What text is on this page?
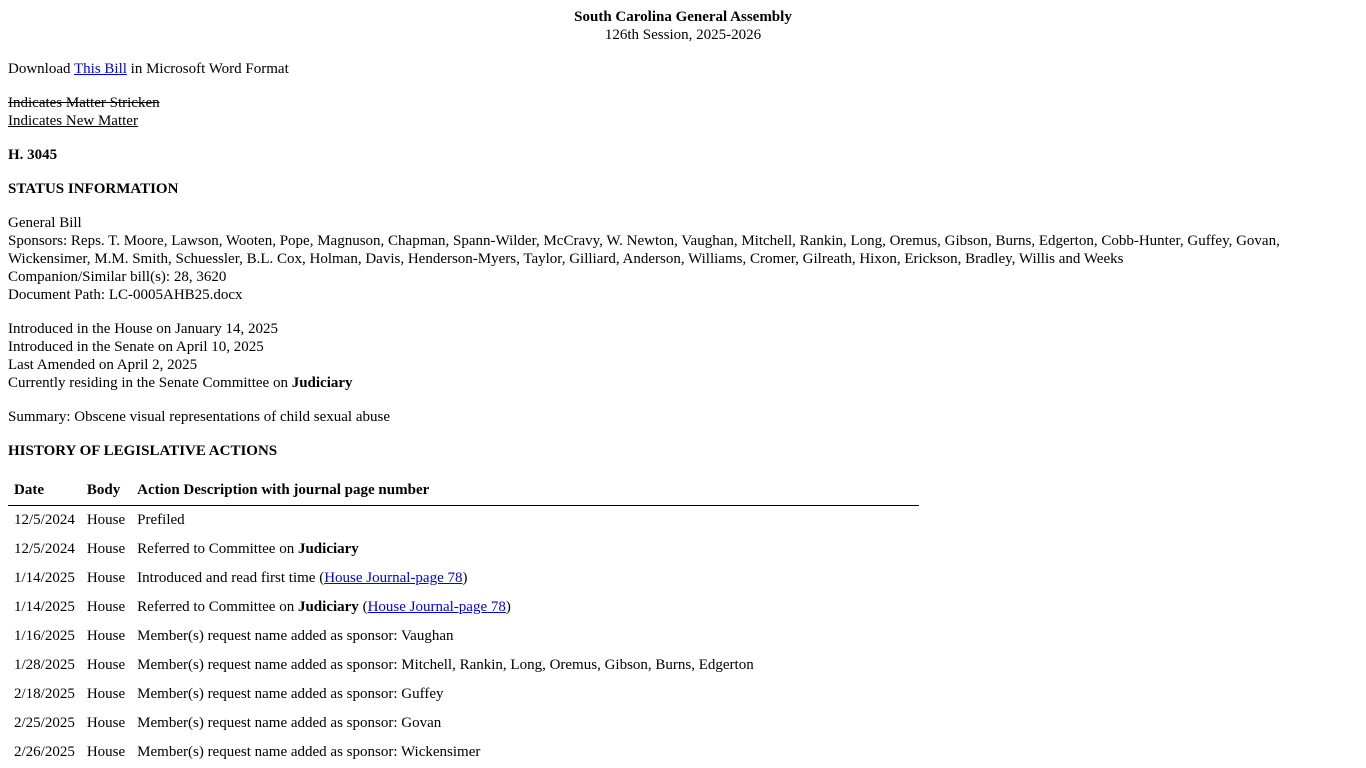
South Carolina General Assembly
126th Session, 2025-2026

Download This Bill in Microsoft Word Format

Indicates Matter Stricken

Indicates New Matter

H. 3045

STATUS INFORMATION

General Bill

Sponsors: Reps. T. Moore, Lawson, Wooten, Pope, Magnuson, Chapman, Spann-Wilder, McCravy, W. Newton, Vaughan, Mitchell, Rankin, Long, Oremus, Gibson, Burns, Edgerton, Cobb-Hunter, Guffey, Govan, Wickensimer, M.M. Smith, Schuessler, B.L. Cox, Holman, Davis, Henderson-Myers, Taylor, Gilliard, Anderson, Williams, Cromer, Gilreath, Hixon, Erickson, Bradley, Willis and Weeks

Companion/Similar bill(s): 28, 3620

Document Path: LC-0005AHB25.docx

Introduced in the House on January 14, 2025

Introduced in the Senate on April 10, 2025

Last Amended on April 2, 2025

Currently residing in the Senate Committee on Judiciary

Summary: Obscene visual representations of child sexual abuse

HISTORY OF LEGISLATIVE ACTIONS

Date	Body	Action Description with journal page number
12/5/2024	House	Prefiled
12/5/2024	House	Referred to Committee on Judiciary
1/14/2025	House	Introduced and read first time (House Journal-page 78)
1/14/2025	House	Referred to Committee on Judiciary (House Journal-page 78)
1/16/2025	House	Member(s) request name added as sponsor: Vaughan
1/28/2025	House	Member(s) request name added as sponsor: Mitchell, Rankin, Long, Oremus, Gibson, Burns, Edgerton
2/18/2025	House	Member(s) request name added as sponsor: Guffey
2/25/2025	House	Member(s) request name added as sponsor: Govan
2/26/2025	House	Member(s) request name added as sponsor: Wickensimer
